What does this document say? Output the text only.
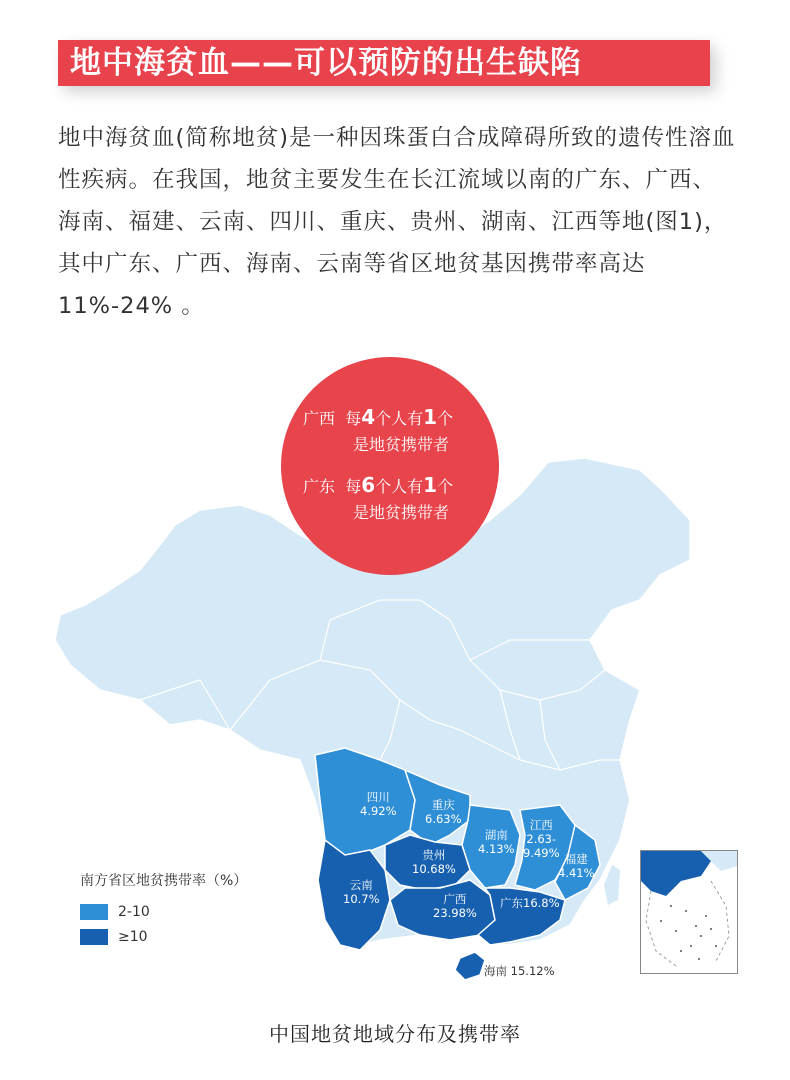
地中海贫血——可以预防的出生缺陷
地中海贫血(简称地贫)是一种因珠蛋白合成障碍所致的遗传性溶血性疾病。在我国，地贫主要发生在长江流域以南的广东、广西、海南、福建、云南、四川、重庆、贵州、湖南、江西等地(图1)，其中广东、广西、海南、云南等省区地贫基因携带率高达11%-24% 。
广西 每4个人有1个
是地贫携带者
广东 每6个人有1个
是地贫携带者
四川
4.92%	重庆
6.63%
湖南
4.13%
江西
2.63-
9.49% 福建
4.41%
贵州
10.68%
云南
10.7%	广西
23.98%
广东16.8%
海南 15.12%
南方省区地贫携带率（%）
2-10
≥10
中国地贫地域分布及携带率
